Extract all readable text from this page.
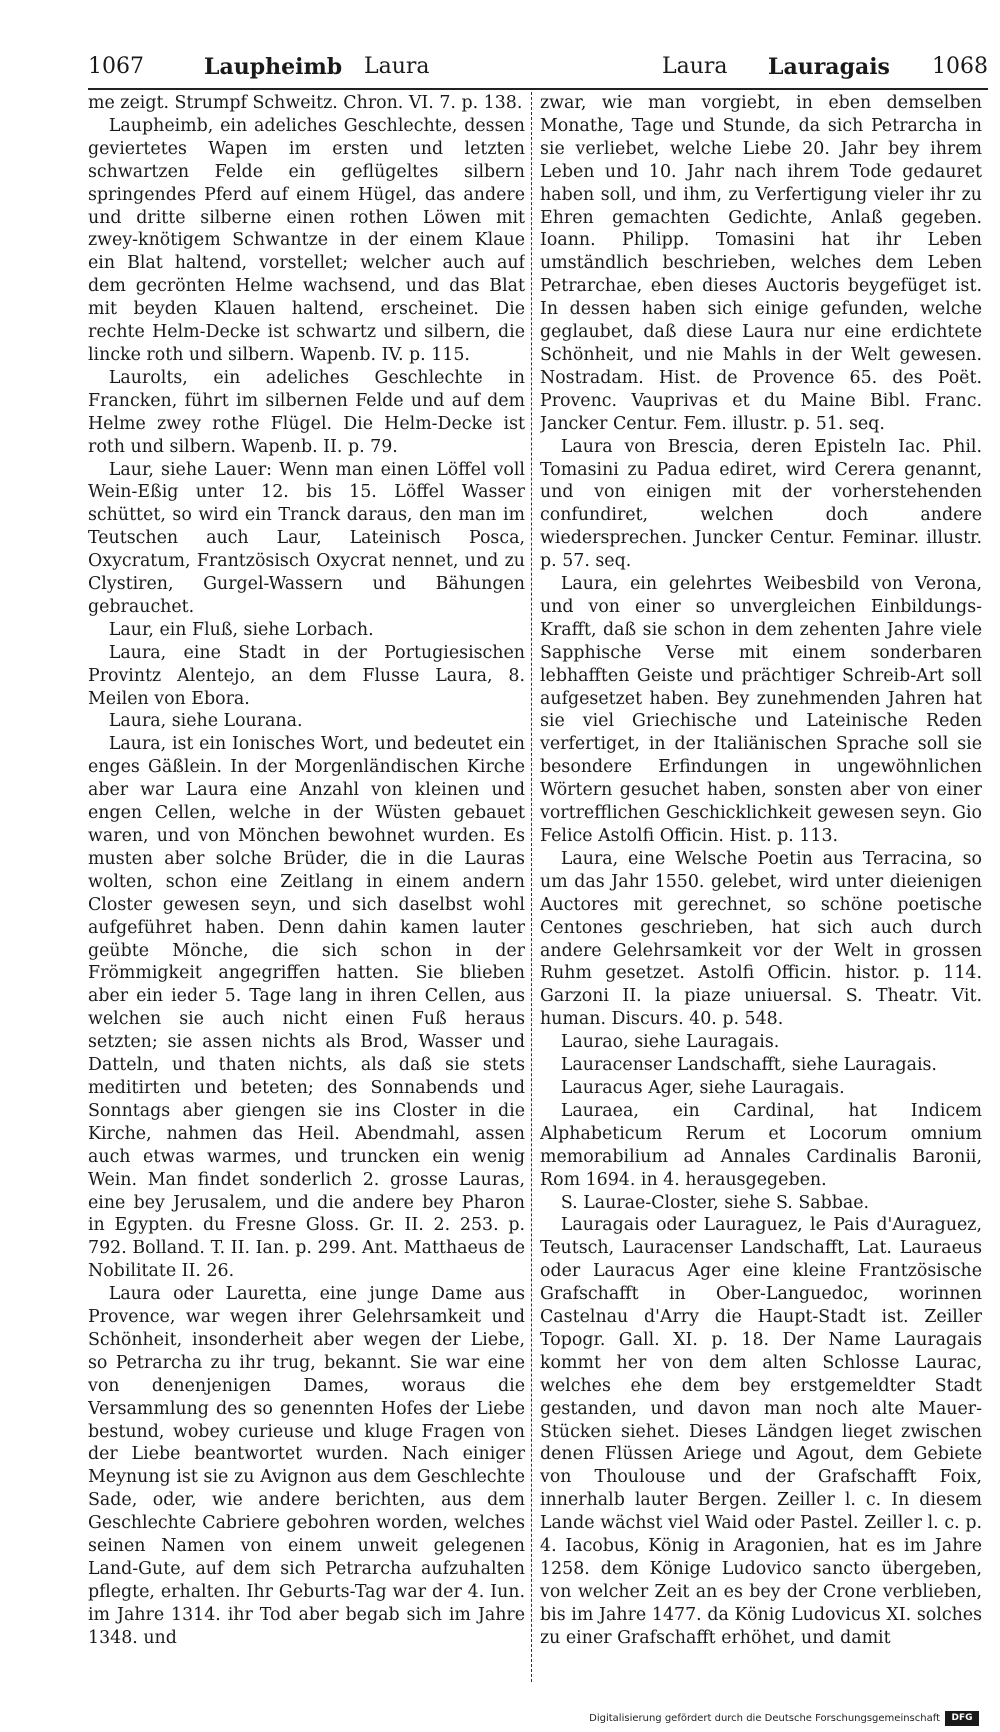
1067	Laupheimb Laura	Laura Lauragais 1068

me zeigt. Strumpf Schweitz. Chron. VI. 7. p. 138.

Laupheimb, ein adeliches Geschlechte, dessen geviertetes Wapen im ersten und letzten schwartzen Felde ein geflügeltes silbern springendes Pferd auf einem Hügel, das andere und dritte silberne einen rothen Löwen mit zwey-knötigem Schwantze in der einem Klaue ein Blat haltend, vorstellet; welcher auch auf dem gecrönten Helme wachsend, und das Blat mit beyden Klauen haltend, erscheinet. Die rechte Helm-Decke ist schwartz und silbern, die lincke roth und silbern. Wapenb. IV. p. 115.

Laurolts, ein adeliches Geschlechte in Francken, führt im silbernen Felde und auf dem Helme zwey rothe Flügel. Die Helm-Decke ist roth und silbern. Wapenb. II. p. 79.

Laur, siehe Lauer: Wenn man einen Löffel voll Wein-Eßig unter 12. bis 15. Löffel Wasser schüttet, so wird ein Tranck daraus, den man im Teutschen auch Laur, Lateinisch Posca, Oxycratum, Frantzösisch Oxycrat nennet, und zu Clystiren, Gurgel-Wassern und Bähungen gebrauchet.

Laur, ein Fluß, siehe Lorbach.

Laura, eine Stadt in der Portugiesischen Provintz Alentejo, an dem Flusse Laura, 8. Meilen von Ebora.

Laura, siehe Lourana.

Laura, ist ein Ionisches Wort, und bedeutet ein enges Gäßlein. In der Morgenländischen Kirche aber war Laura eine Anzahl von kleinen und engen Cellen, welche in der Wüsten gebauet waren, und von Mönchen bewohnet wurden. Es musten aber solche Brüder, die in die Lauras wolten, schon eine Zeitlang in einem andern Closter gewesen seyn, und sich daselbst wohl aufgeführet haben. Denn dahin kamen lauter geübte Mönche, die sich schon in der Frömmigkeit angegriffen hatten. Sie blieben aber ein ieder 5. Tage lang in ihren Cellen, aus welchen sie auch nicht einen Fuß heraus setzten; sie assen nichts als Brod, Wasser und Datteln, und thaten nichts, als daß sie stets meditirten und beteten; des Sonnabends und Sonntags aber giengen sie ins Closter in die Kirche, nahmen das Heil. Abendmahl, assen auch etwas warmes, und truncken ein wenig Wein. Man findet sonderlich 2. grosse Lauras, eine bey Jerusalem, und die andere bey Pharon in Egypten. du Fresne Gloss. Gr. II. 2. 253. p. 792. Bolland. T. II. Ian. p. 299. Ant. Matthaeus de Nobilitate II. 26.

Laura oder Lauretta, eine junge Dame aus Provence, war wegen ihrer Gelehrsamkeit und Schönheit, insonderheit aber wegen der Liebe, so Petrarcha zu ihr trug, bekannt. Sie war eine von denenjenigen Dames, woraus die Versammlung des so genennten Hofes der Liebe bestund, wobey curieuse und kluge Fragen von der Liebe beantwortet wurden. Nach einiger Meynung ist sie zu Avignon aus dem Geschlechte Sade, oder, wie andere berichten, aus dem Geschlechte Cabriere gebohren worden, welches seinen Namen von einem unweit gelegenen Land-Gute, auf dem sich Petrarcha aufzuhalten pflegte, erhalten. Ihr Geburts-Tag war der 4. Iun. im Jahre 1314. ihr Tod aber begab sich im Jahre 1348. und

zwar, wie man vorgiebt, in eben demselben Monathe, Tage und Stunde, da sich Petrarcha in sie verliebet, welche Liebe 20. Jahr bey ihrem Leben und 10. Jahr nach ihrem Tode gedauret haben soll, und ihm, zu Verfertigung vieler ihr zu Ehren gemachten Gedichte, Anlaß gegeben. Ioann. Philipp. Tomasini hat ihr Leben umständlich beschrieben, welches dem Leben Petrarchae, eben dieses Auctoris beygefüget ist. In dessen haben sich einige gefunden, welche geglaubet, daß diese Laura nur eine erdichtete Schönheit, und nie Mahls in der Welt gewesen. Nostradam. Hist. de Provence 65. des Poët. Provenc. Vauprivas et du Maine Bibl. Franc. Jancker Centur. Fem. illustr. p. 51. seq.

Laura von Brescia, deren Episteln Iac. Phil. Tomasini zu Padua ediret, wird Cerera genannt, und von einigen mit der vorherstehenden confundiret, welchen doch andere wiedersprechen. Juncker Centur. Feminar. illustr. p. 57. seq.

Laura, ein gelehrtes Weibesbild von Verona, und von einer so unvergleichen Einbildungs-Krafft, daß sie schon in dem zehenten Jahre viele Sapphische Verse mit einem sonderbaren lebhafften Geiste und prächtiger Schreib-Art soll aufgesetzet haben. Bey zunehmenden Jahren hat sie viel Griechische und Lateinische Reden verfertiget, in der Italiänischen Sprache soll sie besondere Erfindungen in ungewöhnlichen Wörtern gesuchet haben, sonsten aber von einer vortrefflichen Geschicklichkeit gewesen seyn. Gio Felice Astolfi Officin. Hist. p. 113.

Laura, eine Welsche Poetin aus Terracina, so um das Jahr 1550. gelebet, wird unter dieienigen Auctores mit gerechnet, so schöne poetische Centones geschrieben, hat sich auch durch andere Gelehrsamkeit vor der Welt in grossen Ruhm gesetzet. Astolfi Officin. histor. p. 114. Garzoni II. la piaze uniuersal. S. Theatr. Vit. human. Discurs. 40. p. 548.

Laurao, siehe Lauragais.

Lauracenser Landschafft, siehe Lauragais.

Lauracus Ager, siehe Lauragais.

Lauraea, ein Cardinal, hat Indicem Alphabeticum Rerum et Locorum omnium memorabilium ad Annales Cardinalis Baronii, Rom 1694. in 4. herausgegeben.

S. Laurae-Closter, siehe S. Sabbae.

Lauragais oder Lauraguez, le Pais d'Auraguez, Teutsch, Lauracenser Landschafft, Lat. Lauraeus oder Lauracus Ager eine kleine Frantzösische Grafschafft in Ober-Languedoc, worinnen Castelnau d'Arry die Haupt-Stadt ist. Zeiller Topogr. Gall. XI. p. 18. Der Name Lauragais kommt her von dem alten Schlosse Laurac, welches ehe dem bey erstgemeldter Stadt gestanden, und davon man noch alte Mauer-Stücken siehet. Dieses Ländgen lieget zwischen denen Flüssen Ariege und Agout, dem Gebiete von Thoulouse und der Grafschafft Foix, innerhalb lauter Bergen. Zeiller l. c. In diesem Lande wächst viel Waid oder Pastel. Zeiller l. c. p. 4. Iacobus, König in Aragonien, hat es im Jahre 1258. dem Könige Ludovico sancto übergeben, von welcher Zeit an es bey der Crone verblieben, bis im Jahre 1477. da König Ludovicus XI. solches zu einer Grafschafft erhöhet, und damit

Digitalisierung gefördert durch die Deutsche Forschungsgemeinschaft	DFG
